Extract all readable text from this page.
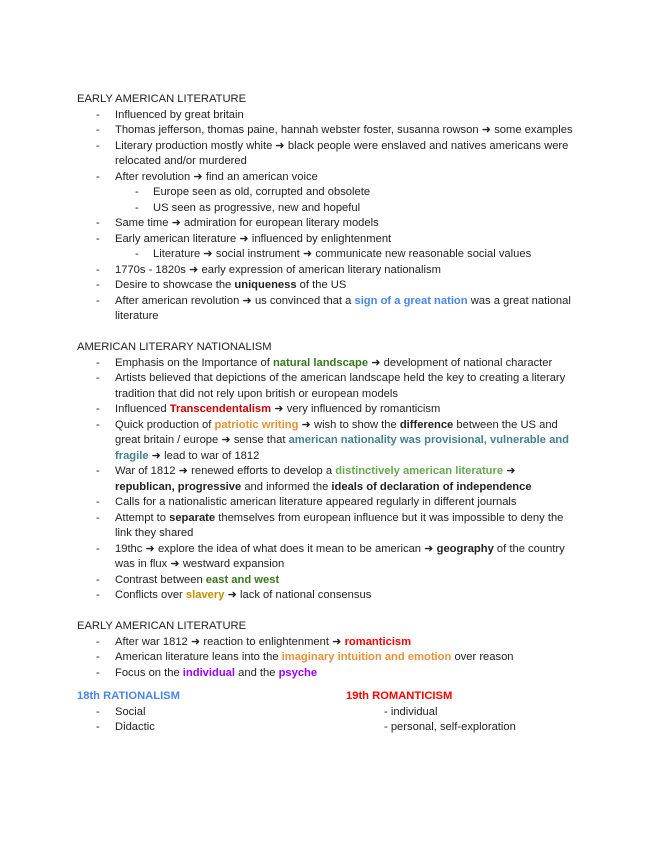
EARLY AMERICAN LITERATURE
- Influenced by great britain
- Thomas jefferson, thomas paine, hannah webster foster, susanna rowson ➜ some examples
- Literary production mostly white ➜ black people were enslaved and natives americans were relocated and/or murdered
- After revolution ➜ find an american voice
- Europe seen as old, corrupted and obsolete
- US seen as progressive, new and hopeful
- Same time ➜ admiration for european literary models
- Early american literature ➜ influenced by enlightenment
- Literature ➜ social instrument ➜ communicate new reasonable social values
- 1770s - 1820s ➜ early expression of american literary nationalism
- Desire to showcase the uniqueness of the US
- After american revolution ➜ us convinced that a sign of a great nation was a great national literature
AMERICAN LITERARY NATIONALISM
- Emphasis on the Importance of natural landscape ➜ development of national character
- Artists believed that depictions of the american landscape held the key to creating a literary tradition that did not rely upon british or european models
- Influenced Transcendentalism ➜ very influenced by romanticism
- Quick production of patriotic writing ➜ wish to show the difference between the US and great britain / europe ➜ sense that american nationality was provisional, vulnerable and fragile ➜ lead to war of 1812
- War of 1812 ➜ renewed efforts to develop a distinctively american literature ➜ republican, progressive and informed the ideals of declaration of independence
- Calls for a nationalistic american literature appeared regularly in different journals
- Attempt to separate themselves from european influence but it was impossible to deny the link they shared
- 19thc ➜ explore the idea of what does it mean to be american ➜ geography of the country was in flux ➜ westward expansion
- Contrast between east and west
- Conflicts over slavery ➜ lack of national consensus
EARLY AMERICAN LITERATURE
- After war 1812 ➜ reaction to enlightenment ➜ romanticism
- American literature leans into the imaginary intuition and emotion over reason
- Focus on the individual and the psyche
18th RATIONALISM
- Social
- Didactic
19th ROMANTICISM
- individual
- personal, self-exploration
